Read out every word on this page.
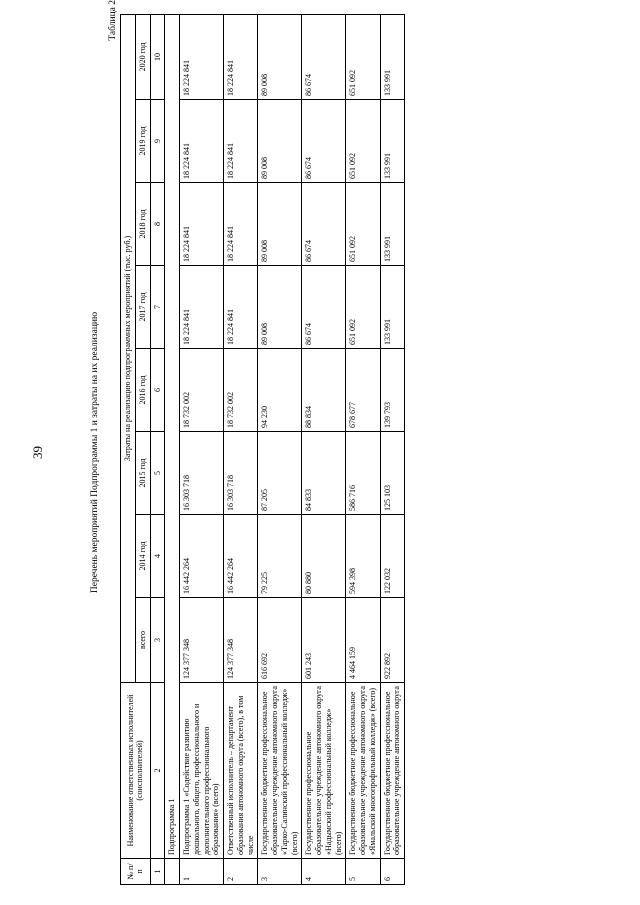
39	Перечень мероприятий Подпрограммы 1 и затраты на их реализацию
Таблица 2
№ п/п	Наименование ответственных исполнителей (соисполнителей)	Затраты на реализацию подпрограммных мероприятий (тыс. руб.)							
		всего	2014 год	2015 год	2016 год	2017 год	2018 год	2019 год	2020 год
1	2	3	4	5	6	7	8	9	10
	Подпрограмма 1								
1	Подпрограмма 1 «Содействие развитию дошкольного, общего, профессионального и дополнительного профессионального образования» (всего)	124 377 348	16 442 264	16 303 718	18 732 002	18 224 841	18 224 841	18 224 841	18 224 841
2	Ответственный исполнитель – департамент образования автономного округа (всего), в том числе	124 377 348	16 442 264	16 303 718	18 732 002	18 224 841	18 224 841	18 224 841	18 224 841
3	Государственное бюджетное профессиональное образовательное учреждение автономного округа «Тарко-Салинский профессиональный колледж» (всего)	616 692	79 225	87 205	94 230	89 008	89 008	89 008	89 008
4	Государственное профессиональное образовательное учреждение автономного округа «Надымский профессиональный колледж» (всего)	601 243	80 880	84 833	88 834	86 674	86 674	86 674	86 674
5	Государственное бюджетное профессиональное образовательное учреждение автономного округа «Ямальский многопрофильный колледж» (всего)	4 464 159	594 398	586 716	678 677	651 092	651 092	651 092	651 092
6	Государственное бюджетное профессиональное образовательное учреждение автономного округа	922 892	122 032	125 103	139 793	133 991	133 991	133 991	133 991
